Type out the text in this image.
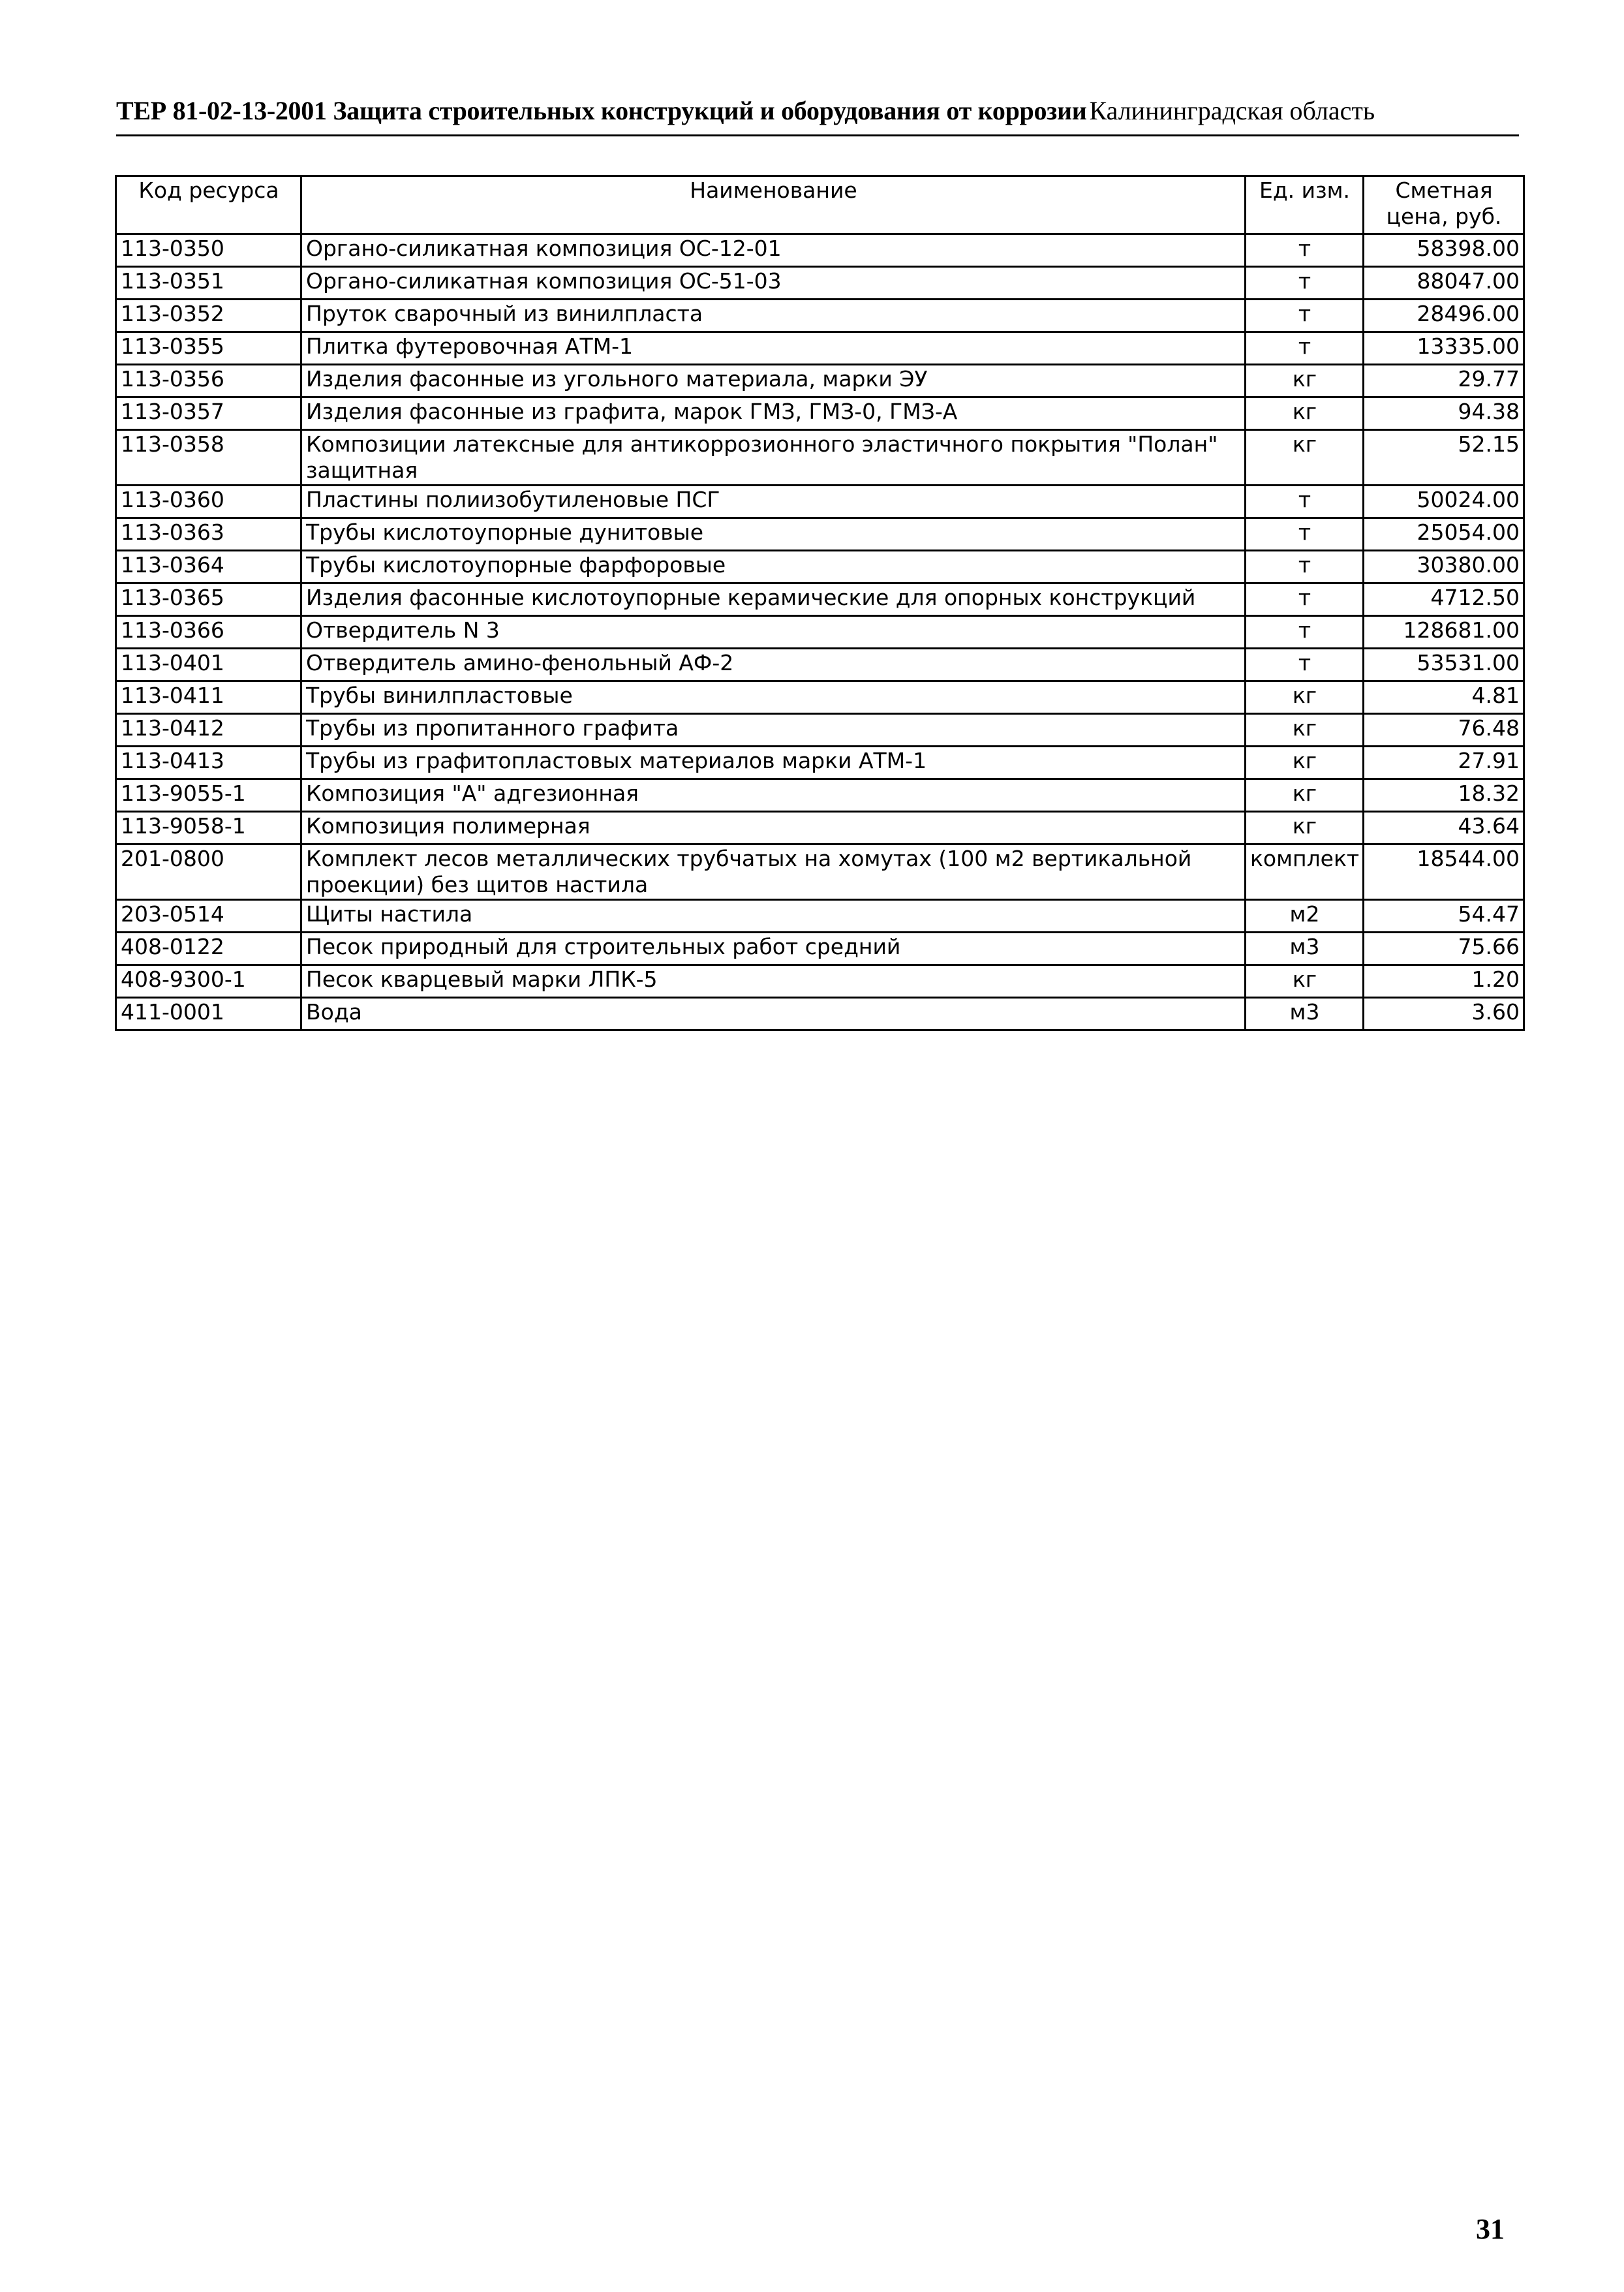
ТЕР 81-02-13-2001 Защита строительных конструкций и оборудования от коррозии Калининградская область
Код ресурса	Наименование	Ед. изм.	Сметная цена, руб.
113-0350	Органо-силикатная композиция ОС-12-01	т	58398.00
113-0351	Органо-силикатная композиция ОС-51-03	т	88047.00
113-0352	Пруток сварочный из винилпласта	т	28496.00
113-0355	Плитка футеровочная АТМ-1	т	13335.00
113-0356	Изделия фасонные из угольного материала, марки ЭУ	кг	29.77
113-0357	Изделия фасонные из графита, марок ГМЗ, ГМЗ-0, ГМЗ-А	кг	94.38
113-0358	Композиции латексные для антикоррозионного эластичного покрытия "Полан" защитная	кг	52.15
113-0360	Пластины полиизобутиленовые ПСГ	т	50024.00
113-0363	Трубы кислотоупорные дунитовые	т	25054.00
113-0364	Трубы кислотоупорные фарфоровые	т	30380.00
113-0365	Изделия фасонные кислотоупорные керамические для опорных конструкций	т	4712.50
113-0366	Отвердитель N 3	т	128681.00
113-0401	Отвердитель амино-фенольный АФ-2	т	53531.00
113-0411	Трубы винилпластовые	кг	4.81
113-0412	Трубы из пропитанного графита	кг	76.48
113-0413	Трубы из графитопластовых материалов марки АТМ-1	кг	27.91
113-9055-1	Композиция "А" адгезионная	кг	18.32
113-9058-1	Композиция полимерная	кг	43.64
201-0800	Комплект лесов металлических трубчатых на хомутах (100 м2 вертикальной проекции) без щитов настила	комплект	18544.00
203-0514	Щиты настила	м2	54.47
408-0122	Песок природный для строительных работ средний	м3	75.66
408-9300-1	Песок кварцевый марки ЛПК-5	кг	1.20
411-0001	Вода	м3	3.60
31
